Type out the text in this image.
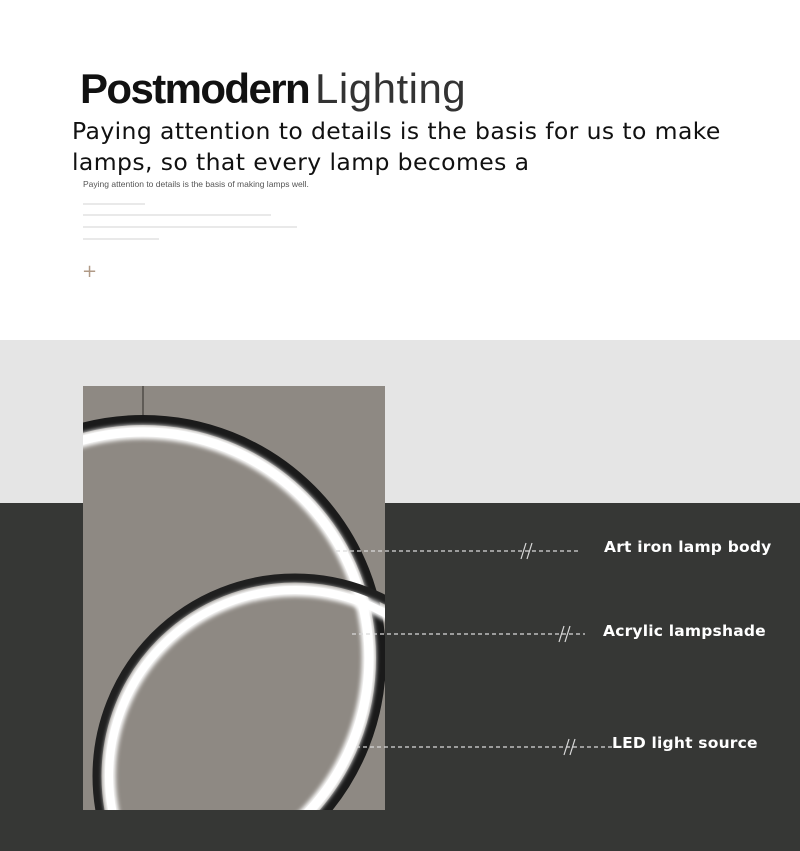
Postmodern Lighting
Paying attention to details is the basis for us to make lamps, so that every lamp becomes a
Paying attention to details is the basis of making lamps well.
+
Art iron lamp body
Acrylic lampshade
LED light source
